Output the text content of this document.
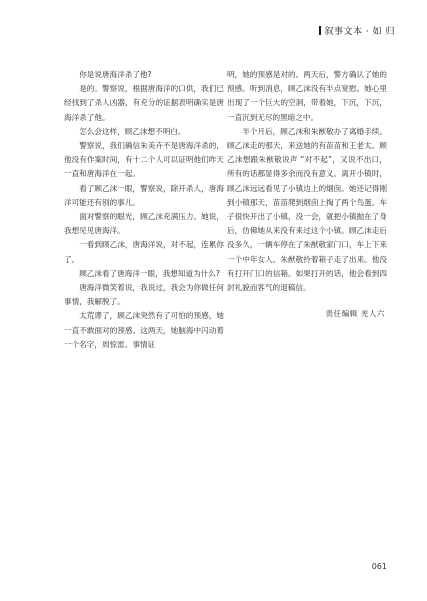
叙事文本 · 如 归

你是说唐海洋杀了他?

是的。警察说，根据唐海洋的口供，我们已经找到了杀人凶器，有充分的证据表明确实是唐海洋杀了他。

怎么会这样，顾乙沫想不明白。

警察说，我们确信朱美卉不是唐海洋杀的，他没有作案时间，有十二个人可以证明他们昨天一直和唐海洋在一起。

看了顾乙沫一眼，警察说，除开杀人，唐海洋可能还有别的事儿。

面对警察的眼光，顾乙沫充满压力。她说，我想见见唐海洋。

一看到顾乙沫，唐海洋说，对不起，连累你了。

顾乙沫看了唐海洋一眼，我想知道为什么?

唐海洋微笑着说，我说过，我会为你做任何事情，我解脱了。

太荒谬了，顾乙沫突然有了可怕的预感，她一直不敢面对的预感。这两天，她脑海中闪动着一个名字，周惊雷。事情证

明，她的预感是对的。两天后，警方确认了她的预感。听到消息，顾乙沫没有半点宽慰。她心里出现了一个巨大的空洞，带着她，下沉，下沉，一直沉到无尽的黑暗之中。

半个月后，顾乙沫和朱猷敬办了离婚手续。顾乙沫走的那天，来送她的有苗苗和王老太。顾乙沫想跟朱猷敬说声 “对不起”，又说不出口，所有的话都显得多余而没有意义。离开小镇时，顾乙沫远远看见了小镇边上的烟囱。她还记得刚到小镇那天，苗苗爬到烟囱上掏了两个鸟蛋。车子很快开出了小镇，没一会，就把小镇抛在了身后，仿佛她从来没有来过这个小镇。顾乙沫走后没多久，一辆车停在了朱猷敬家门口，车上下来一个中年女人。朱猷敬拎着箱子走了出来。他没有打开门口的信箱。如果打开的话，他会看到四封礼貌而客气的退稿信。

责任编辑 羌人六
061
